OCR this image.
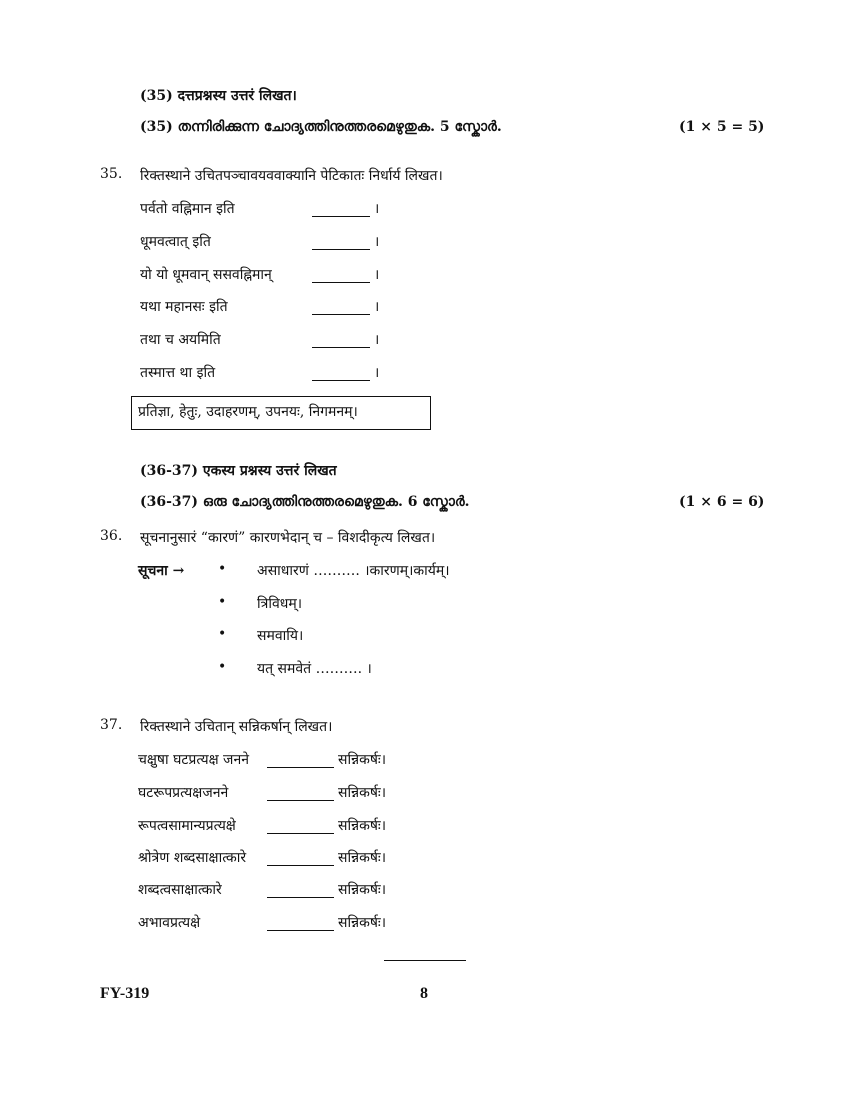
(35) दत्तप्रश्नस्य उत्तरं लिखत।
(35) തന്നിരിക്കുന്ന ചോദ്യത്തിനുത്തരമെഴുതുക. 5 സ്കോർ.	(1 × 5 = 5)
35. रिक्तस्थाने उचितपञ्चावयववाक्यानि पेटिकातः निर्धार्य लिखत।
पर्वतो वह्निमान इति	।
धूमवत्वात् इति	।
यो यो धूमवान् ससवह्निमान्	।
यथा महानसः इति	।
तथा च अयमिति	।
तस्मात्त था इति	।
प्रतिज्ञा, हेतुः, उदाहरणम्, उपनयः, निगमनम्।
(36-37) एकस्य प्रश्नस्य उत्तरं लिखत
(36-37) ഒരു ചോദ്യത്തിനുത്തരമെഴുതുക. 6 സ്കോർ.	(1 × 6 = 6)
36. सूचनानुसारं “कारणं” कारणभेदान् च – विशदीकृत्य लिखत।
सूचना → • असाधारणं ………. ।कारणम्।कार्यम्।
• त्रिविधम्।
• समवायि।
• यत् समवेतं ………. ।
37. रिक्तस्थाने उचितान् सन्निकर्षान् लिखत।
चक्षुषा घटप्रत्यक्ष जनने	सन्निकर्षः।
घटरूपप्रत्यक्षजनने	सन्निकर्षः।
रूपत्वसामान्यप्रत्यक्षे	सन्निकर्षः।
श्रोत्रेण शब्दसाक्षात्कारे	सन्निकर्षः।
शब्दत्वसाक्षात्कारे	सन्निकर्षः।
अभावप्रत्यक्षे	सन्निकर्षः।
FY-319	8
